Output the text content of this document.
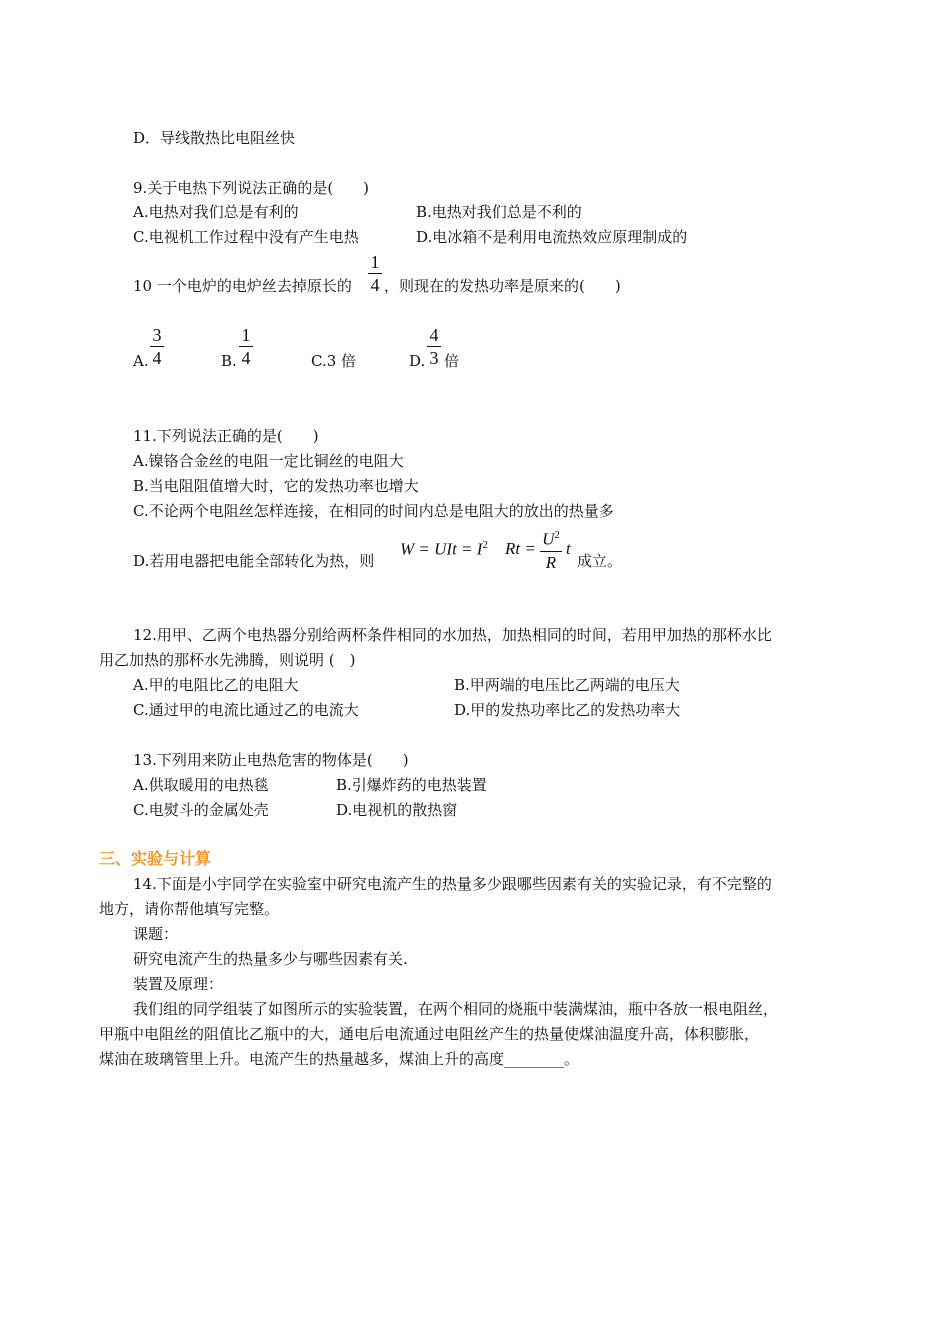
D．导线散热比电阻丝快
9.关于电热下列说法正确的是(　　)
A.电热对我们总是有利的	B.电热对我们总是不利的
C.电视机工作过程中没有产生电热	D.电冰箱不是利用电流热效应原理制成的
10 一个电炉的电炉丝去掉原长的
1
4 ，则现在的发热功率是原来的(　　)
A.
3
4	B.
1
4	C.3 倍	D.
4
3 倍
11.下列说法正确的是(　　)
A.镍铬合金丝的电阻一定比铜丝的电阻大
B.当电阻阻值增大时，它的发热功率也增大
C.不论两个电阻丝怎样连接，在相同的时间内总是电阻大的放出的热量多
D.若用电器把电能全部转化为热，则
W = UIt = $I^2$ $Rt = U^2$
R
t
成立。
12.用甲、乙两个电热器分别给两杯条件相同的水加热，加热相同的时间，若用甲加热的那杯水比
用乙加热的那杯水先沸腾，则说明 (　)
A.甲的电阻比乙的电阻大	B.甲两端的电压比乙两端的电压大
C.通过甲的电流比通过乙的电流大	D.甲的发热功率比乙的发热功率大
13.下列用来防止电热危害的物体是(　　)
A.供取暖用的电热毯	B.引爆炸药的电热装置
C.电熨斗的金属处壳	D.电视机的散热窗
三、实验与计算
14.下面是小宇同学在实验室中研究电流产生的热量多少跟哪些因素有关的实验记录，有不完整的
地方，请你帮他填写完整。
课题：
研究电流产生的热量多少与哪些因素有关.
装置及原理：
我们组的同学组装了如图所示的实验装置，在两个相同的烧瓶中装满煤油，瓶中各放一根电阻丝，
甲瓶中电阻丝的阻值比乙瓶中的大，通电后电流通过电阻丝产生的热量使煤油温度升高，体积膨胀，
煤油在玻璃管里上升。电流产生的热量越多，煤油上升的高度________。
